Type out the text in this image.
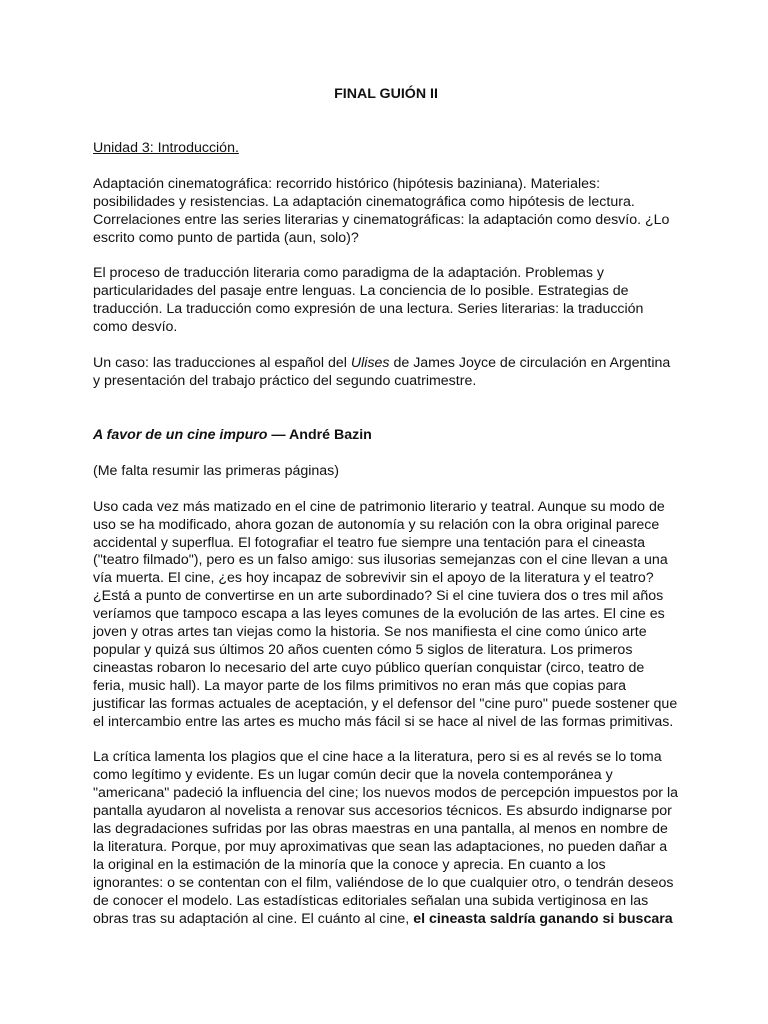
FINAL GUIÓN II
Unidad 3: Introducción.

Adaptación cinematográfica: recorrido histórico (hipótesis baziniana). Materiales: posibilidades y resistencias. La adaptación cinematográfica como hipótesis de lectura. Correlaciones entre las series literarias y cinematográficas: la adaptación como desvío. ¿Lo escrito como punto de partida (aun, solo)?

El proceso de traducción literaria como paradigma de la adaptación. Problemas y particularidades del pasaje entre lenguas. La conciencia de lo posible. Estrategias de traducción. La traducción como expresión de una lectura. Series literarias: la traducción como desvío.

Un caso: las traducciones al español del Ulises de James Joyce de circulación en Argentina y presentación del trabajo práctico del segundo cuatrimestre.

A favor de un cine impuro — André Bazin

(Me falta resumir las primeras páginas)

Uso cada vez más matizado en el cine de patrimonio literario y teatral. Aunque su modo de uso se ha modificado, ahora gozan de autonomía y su relación con la obra original parece accidental y superflua. El fotografiar el teatro fue siempre una tentación para el cineasta ("teatro filmado"), pero es un falso amigo: sus ilusorias semejanzas con el cine llevan a una vía muerta. El cine, ¿es hoy incapaz de sobrevivir sin el apoyo de la literatura y el teatro? ¿Está a punto de convertirse en un arte subordinado? Si el cine tuviera dos o tres mil años veríamos que tampoco escapa a las leyes comunes de la evolución de las artes. El cine es joven y otras artes tan viejas como la historia. Se nos manifiesta el cine como único arte popular y quizá sus últimos 20 años cuenten cómo 5 siglos de literatura. Los primeros cineastas robaron lo necesario del arte cuyo público querían conquistar (circo, teatro de feria, music hall). La mayor parte de los films primitivos no eran más que copias para justificar las formas actuales de aceptación, y el defensor del "cine puro" puede sostener que el intercambio entre las artes es mucho más fácil si se hace al nivel de las formas primitivas.

La crítica lamenta los plagios que el cine hace a la literatura, pero si es al revés se lo toma como legítimo y evidente. Es un lugar común decir que la novela contemporánea y "americana" padeció la influencia del cine; los nuevos modos de percepción impuestos por la pantalla ayudaron al novelista a renovar sus accesorios técnicos. Es absurdo indignarse por las degradaciones sufridas por las obras maestras en una pantalla, al menos en nombre de la literatura. Porque, por muy aproximativas que sean las adaptaciones, no pueden dañar a la original en la estimación de la minoría que la conoce y aprecia. En cuanto a los ignorantes: o se contentan con el film, valiéndose de lo que cualquier otro, o tendrán deseos de conocer el modelo. Las estadísticas editoriales señalan una subida vertiginosa en las obras tras su adaptación al cine. El cuánto al cine, el cineasta saldría ganando si buscara
